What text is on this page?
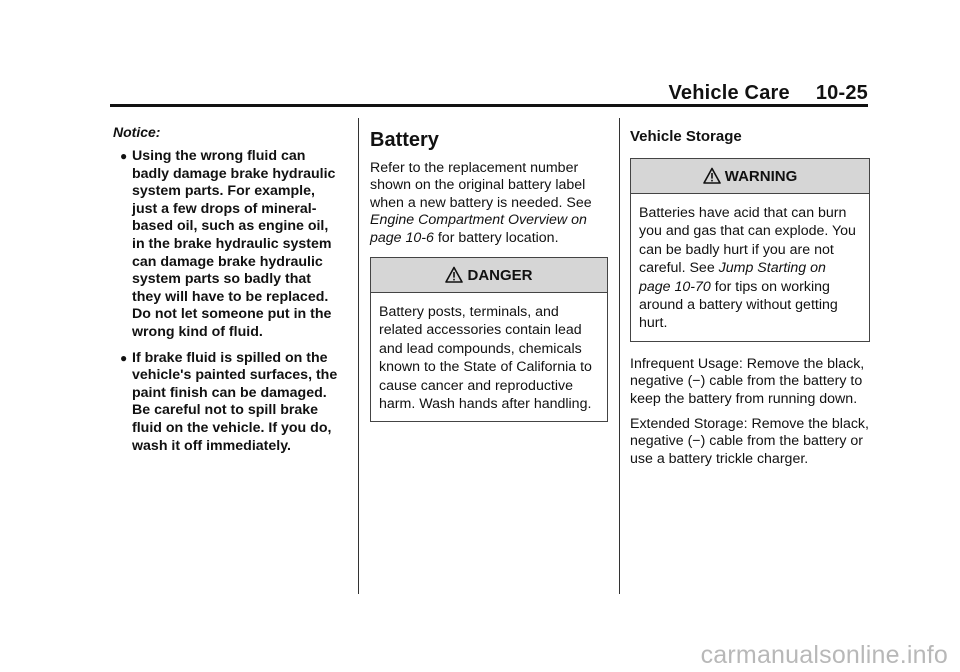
Vehicle Care 10-25
Notice:
● Using the wrong fluid can badly damage brake hydraulic system parts. For example, just a few drops of mineral-based oil, such as engine oil, in the brake hydraulic system can damage brake hydraulic system parts so badly that they will have to be replaced. Do not let someone put in the wrong kind of fluid.
● If brake fluid is spilled on the vehicle's painted surfaces, the paint finish can be damaged. Be careful not to spill brake fluid on the vehicle. If you do, wash it off immediately.
Battery

Refer to the replacement number shown on the original battery label when a new battery is needed. See Engine Compartment Overview on page 10-6 for battery location.

DANGER
Battery posts, terminals, and related accessories contain lead and lead compounds, chemicals known to the State of California to cause cancer and reproductive harm. Wash hands after handling.
Vehicle Storage
WARNING
Batteries have acid that can burn you and gas that can explode. You can be badly hurt if you are not careful. See Jump Starting on page 10-70 for tips on working around a battery without getting hurt.

Infrequent Usage: Remove the black, negative (−) cable from the battery to keep the battery from running down.

Extended Storage: Remove the black, negative (−) cable from the battery or use a battery trickle charger.

carmanualsonline.info
